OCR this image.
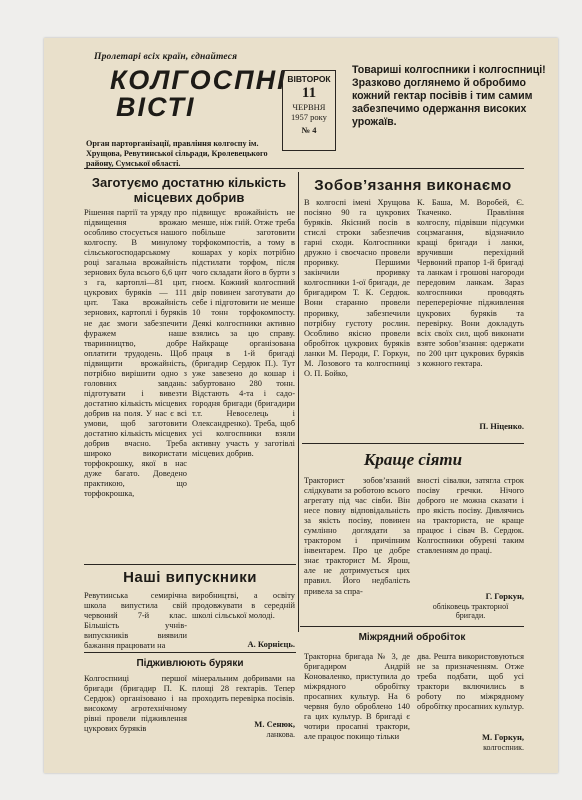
Пролетарі всіх країн, єднайтеся
КОЛГОСПНІ
ВІСТІ
ВІВТОРОК
11
ЧЕРВНЯ
1957 року
№ 4
Орган парторганізації, правління колгоспу ім. Хрущова, Ревутинської сільради, Кролевецького району, Сумської області.
Товариші колгоспники і колгоспниці! Зразково доглянемо й обробимо кожний гектар посівів і тим самим забезпечимо одержання високих урожаїв.
Заготуємо достатню кількість місцевих добрив
Рішення партії та уряду про підвищення врожаю особливо стосується нашого колгоспу. В минулому сільськогосподарському році загальна врожайність зернових була всього 6,6 цнт з га, картоплі—81 цнт, цукрових буряків — 111 цнт. Така врожайність зернових, картоплі і буряків не дає змоги забезпечити фуражем наше тваринництво, добре оплатити трудодень. Щоб підвищити врожайність, потрібно вирішити одно з головних завдань: підготувати і вивезти достатню кількість місцевих добрив на поля. У нас є всі умови, щоб заготовити достатню кількість місцевих добрив вчасно. Треба широко використати торфокрошку, якої в нас дуже багато. Доведено практикою, що торфокрошка,
підвищує врожайність не менше, ніж гній. Отже треба побільше заготовити торфокомпостів, а тому в кошарах у коріх потрібно підстилати торфом, після чого складати його в бурти з гноєм. Кожний колгоспний двір повинен заготувати до себе і підготовити не менше 10 тонн торфокомпосту. Деякі колгоспники активно взялись за цю справу. Найкраще організована праця в 1-й бригаді (бригадир Сердюк П.). Тут уже завезено до кошар і забуртовано 280 тонн. Відстають 4-та і садо-городня бригади (бригадири т.т. Невоселець і Олександренко). Треба, щоб усі колгоспники взяли активну участь у заготівлі місцевих добрив.
Наші випускники
Ревутинська семирічна школа випустила свій червоний 7-й клас. Більшість учнів-випускників виявили бажання працювати на
виробництві, а освіту продовжувати в середній школі сільської молоді.
А. Корнієць.
Підживлюють буряки
Колгоспниці першої бригади (бригадир П. К. Сердюк) організовано і на високому агротехнічному рівні провели підживлення цукрових буряків
мінеральним добривами на площі 28 гектарів. Тепер проходить перевірка посівів.
М. Сенюк,
ланкова.
Зобов’язання виконаємо
В колгоспі імені Хрущова посіяно 90 га цукрових буряків. Якісний посів в стислі строки забезпечив гарні сходи. Колгоспники дружно і своєчасно провели проривку. Першими закінчили проривку колгоспники 1-ої бригади, де бригадиром Т. К. Сердюк. Вони старанно провели проривку, забезпечили потрібну густоту рослин. Особливо якісно провели обробіток цукрових буряків ланки М. Пероди, Г. Горкун, М. Лозового та колгоспниці О. П. Бойко,
К. Баша, М. Воробей, Є. Ткаченко. Правління колгоспу, підвівши підсумки соцзмагання, відзначило кращі бригади і ланки, вручивши перехідний Червоний прапор 1-й бригаді та ланкам і грошові нагороди передовим ланкам. Зараз колгоспники проводять перепереріочне підживлення цукрових буряків та перевірку. Вони докладуть всіх своїх сил, щоб виконати взяте зобов’язання: одержати по 200 цнт цукрових буряків з кожного гектара.
П. Ніценко.
Краще сіяти
Тракторист зобов’язаний слідкувати за роботою всього агрегату під час сівби. Він несе повну відповідальність за якість посіву, повинен сумлінно доглядати за трактором і причіпним інвентарем. Про це добре знає тракторист М. Ярош, але не дотримується цих правил. Його недбалість привела за спрa-
вності сівалки, затягла строк посіву гречки. Нічого доброго не можна сказати і про якість посіву. Дивлячись на тракториста, не краще працює і сівач В. Сердюк. Колгоспники обурені таким ставленням до праці.
Г. Горкун,
обліковець тракторної бригади.
Міжрядний обробіток
Тракторна бригада № 3, де бригадиром Андрій Коноваленко, приступила до міжрядного обробітку просапних культур. На 6 червня було оброблено 140 га цих культур. В бригаді є чотири просапні трактори, але працює покищо тільки
два. Решта використовуються не за призначенням. Отже треба подбати, щоб усі трактори включились в роботу по міжрядному обробітку просапних культур.
М. Горкун,
колгоспник.
